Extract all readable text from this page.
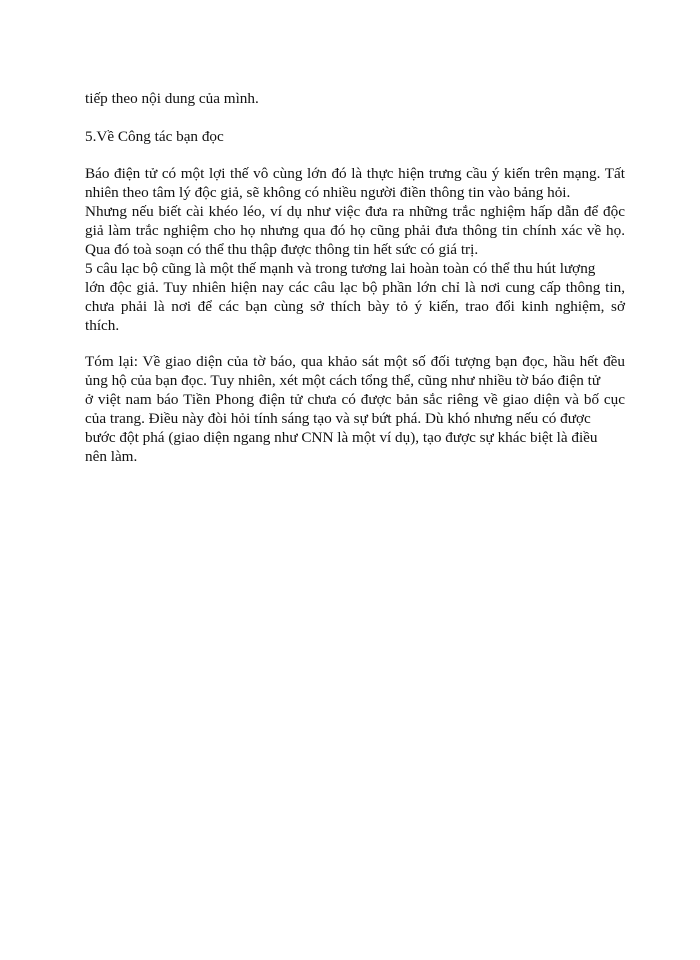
tiếp theo nội dung của mình.
5.Về Công tác bạn đọc
Báo điện tử có một lợi thế vô cùng lớn đó là thực hiện trưng cầu ý kiến trên mạng. Tất
nhiên theo tâm lý độc giả, sẽ không có nhiều người điền thông tin vào bảng hỏi.
Nhưng nếu biết cài khéo léo, ví dụ như việc đưa ra những trắc nghiệm hấp dẫn để độc
giả làm trắc nghiệm cho họ nhưng qua đó họ cũng phải đưa thông tin chính xác về họ.
Qua đó toà soạn có thể thu thập được thông tin hết sức có giá trị.
5 câu lạc bộ cũng là một thế mạnh và trong tương lai hoàn toàn có thể thu hút lượng
lớn độc giả. Tuy nhiên hiện nay các câu lạc bộ phần lớn chỉ là nơi cung cấp thông tin,
chưa phải là nơi để các bạn cùng sở thích bày tỏ ý kiến, trao đổi kinh nghiệm, sở
thích.
Tóm lại: Về giao diện của tờ báo, qua khảo sát một số đối tượng bạn đọc, hầu hết đều
ủng hộ của bạn đọc. Tuy nhiên, xét một cách tổng thể, cũng như nhiều tờ báo điện tử
ở việt nam báo Tiền Phong điện tử chưa có được bản sắc riêng về giao diện và bố cục
của trang. Điều này đòi hỏi tính sáng tạo và sự bứt phá. Dù khó nhưng nếu có được
bước đột phá (giao diện ngang như CNN là một ví dụ), tạo được sự khác biệt là điều
nên làm.
